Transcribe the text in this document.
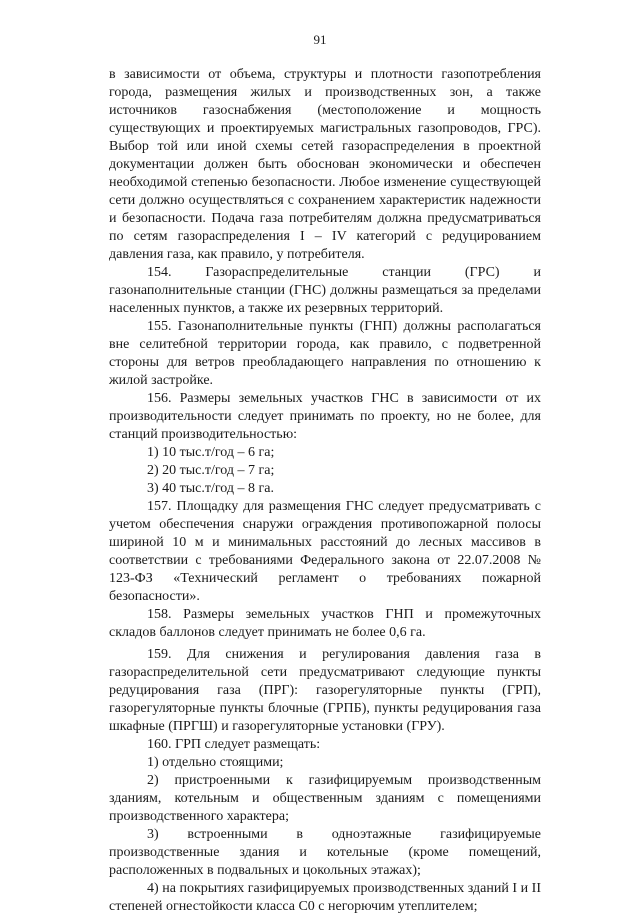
91

в зависимости от объема, структуры и плотности газопотребления города, размещения жилых и производственных зон, а также источников газоснабжения (местоположение и мощность существующих и проектируемых магистральных газопроводов, ГРС). Выбор той или иной схемы сетей газораспределения в проектной документации должен быть обоснован экономически и обеспечен необходимой степенью безопасности. Любое изменение существующей сети должно осуществляться с сохранением характеристик надежности и безопасности. Подача газа потребителям должна предусматриваться по сетям газораспределения I – IV категорий с редуцированием давления газа, как правило, у потребителя.

154. Газораспределительные станции (ГРС) и газонаполнительные станции (ГНС) должны размещаться за пределами населенных пунктов, а также их резервных территорий.

155. Газонаполнительные пункты (ГНП) должны располагаться вне селитебной территории города, как правило, с подветренной стороны для ветров преобладающего направления по отношению к жилой застройке.

156. Размеры земельных участков ГНС в зависимости от их производительности следует принимать по проекту, но не более, для станций производительностью:

1) 10 тыс.т/год – 6 га;

2) 20 тыс.т/год – 7 га;

3) 40 тыс.т/год – 8 га.

157. Площадку для размещения ГНС следует предусматривать с учетом обеспечения снаружи ограждения противопожарной полосы шириной 10 м и минимальных расстояний до лесных массивов в соответствии с требованиями Федерального закона от 22.07.2008 № 123-ФЗ «Технический регламент о требованиях пожарной безопасности».

158. Размеры земельных участков ГНП и промежуточных складов баллонов следует принимать не более 0,6 га.

159. Для снижения и регулирования давления газа в газораспределительной сети предусматривают следующие пункты редуцирования газа (ПРГ): газорегуляторные пункты (ГРП), газорегуляторные пункты блочные (ГРПБ), пункты редуцирования газа шкафные (ПРГШ) и газорегуляторные установки (ГРУ).

160. ГРП следует размещать:

1) отдельно стоящими;

2) пристроенными к газифицируемым производственным зданиям, котельным и общественным зданиям с помещениями производственного характера;

3) встроенными в одноэтажные газифицируемые производственные здания и котельные (кроме помещений, расположенных в подвальных и цокольных этажах);

4) на покрытиях газифицируемых производственных зданий I и II степеней огнестойкости класса С0 с негорючим утеплителем;
